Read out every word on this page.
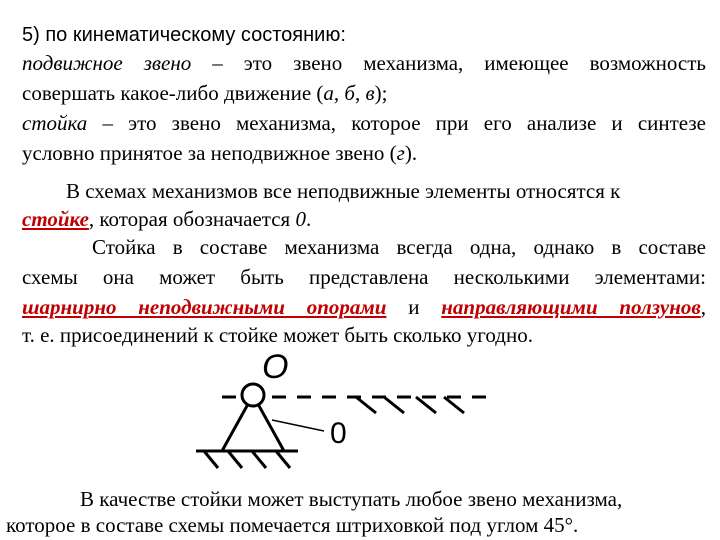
5) по кинематическому состоянию:
подвижное звено – это звено механизма, имеющее возможность
совершать какое-либо движение (а, б, в);
стойка – это звено механизма, которое при его анализе и синтезе
условно принятое за неподвижное звено (г).
В схемах механизмов все неподвижные элементы относятся к
стойке, которая обозначается 0.
Стойка в составе механизма всегда одна, однако в составе
схемы она может быть представлена несколькими элементами:
шарнирно неподвижными опорами и направляющими ползунов,
т. е. присоединений к стойке может быть сколько угодно.
O
0
В качестве стойки может выступать любое звено механизма,
которое в составе схемы помечается штриховкой под углом 45°.
